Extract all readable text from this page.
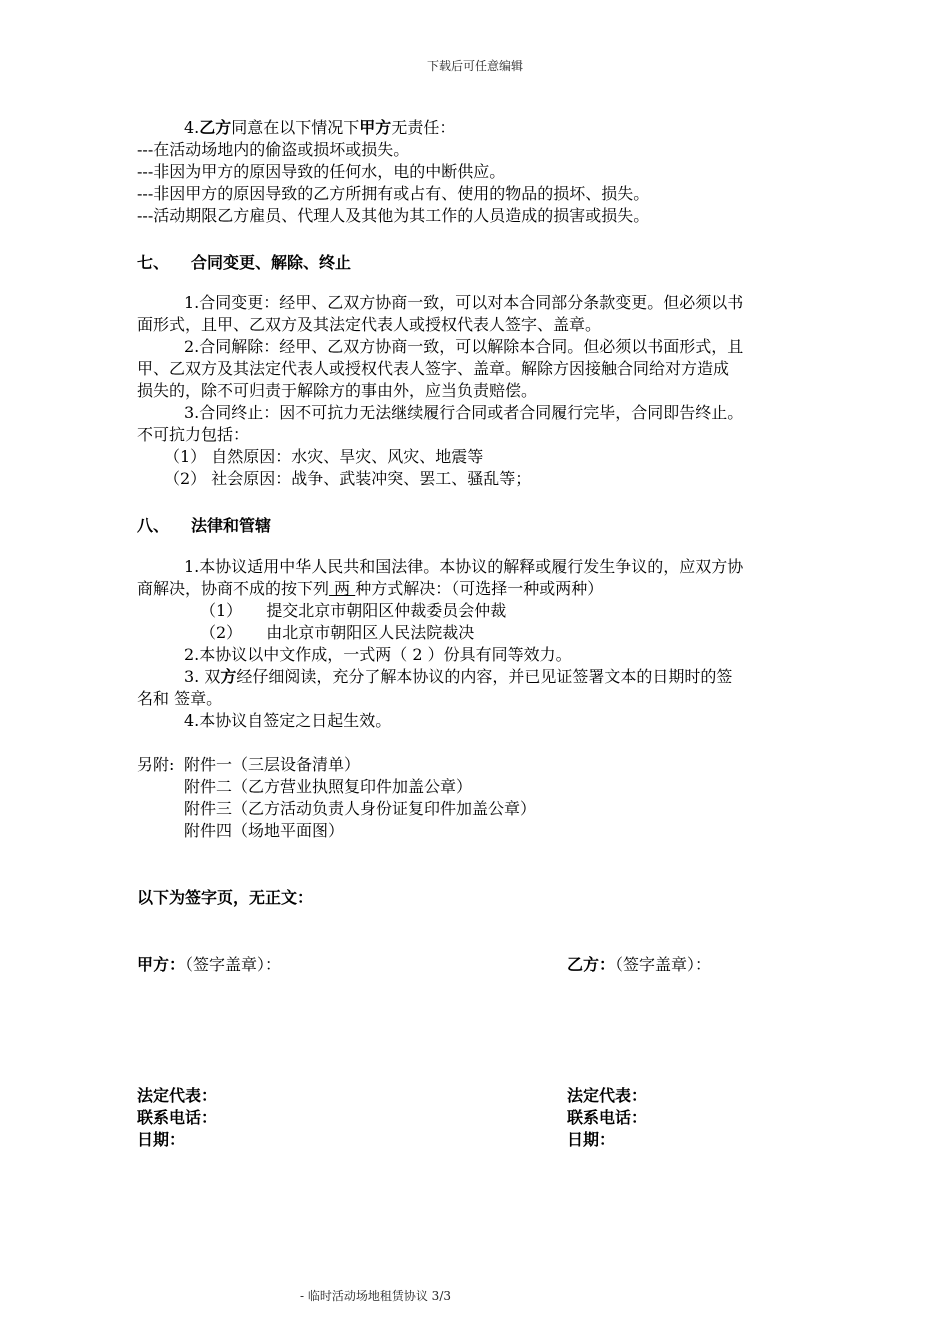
下载后可任意编辑
4.乙方同意在以下情况下甲方无责任：
---在活动场地内的偷盗或损坏或损失。
---非因为甲方的原因导致的任何水，电的中断供应。
---非因甲方的原因导致的乙方所拥有或占有、使用的物品的损坏、损失。
---活动期限乙方雇员、代理人及其他为其工作的人员造成的损害或损失。
七、 合同变更、解除、终止
1.合同变更：经甲、乙双方协商一致，可以对本合同部分条款变更。但必须以书
面形式，且甲、乙双方及其法定代表人或授权代表人签字、盖章。
2.合同解除：经甲、乙双方协商一致，可以解除本合同。但必须以书面形式，且
甲、乙双方及其法定代表人或授权代表人签字、盖章。解除方因接触合同给对方造成
损失的，除不可归责于解除方的事由外，应当负责赔偿。
3.合同终止：因不可抗力无法继续履行合同或者合同履行完毕，合同即告终止。
不可抗力包括：
（1） 自然原因：水灾、旱灾、风灾、地震等
（2） 社会原因：战争、武装冲突、罢工、骚乱等；
八、 法律和管辖
1.本协议适用中华人民共和国法律。本协议的解释或履行发生争议的，应双方协
商解决，协商不成的按下列 两 种方式解决：（可选择一种或两种）
（1） 提交北京市朝阳区仲裁委员会仲裁
（2） 由北京市朝阳区人民法院裁决
2.本协议以中文作成，一式两（ 2 ）份具有同等效力。
3. 双方经仔细阅读，充分了解本协议的内容，并已见证签署文本的日期时的签
名和 签章。
4.本协议自签定之日起生效。
另附: 附件一（三层设备清单）
附件二（乙方营业执照复印件加盖公章）
附件三（乙方活动负责人身份证复印件加盖公章）
附件四（场地平面图）
以下为签字页，无正文：
甲方：（签字盖章）：	乙方：（签字盖章）：
法定代表：
联系电话：
日期：
法定代表：
联系电话：
日期：
- 临时活动场地租赁协议 3/3
